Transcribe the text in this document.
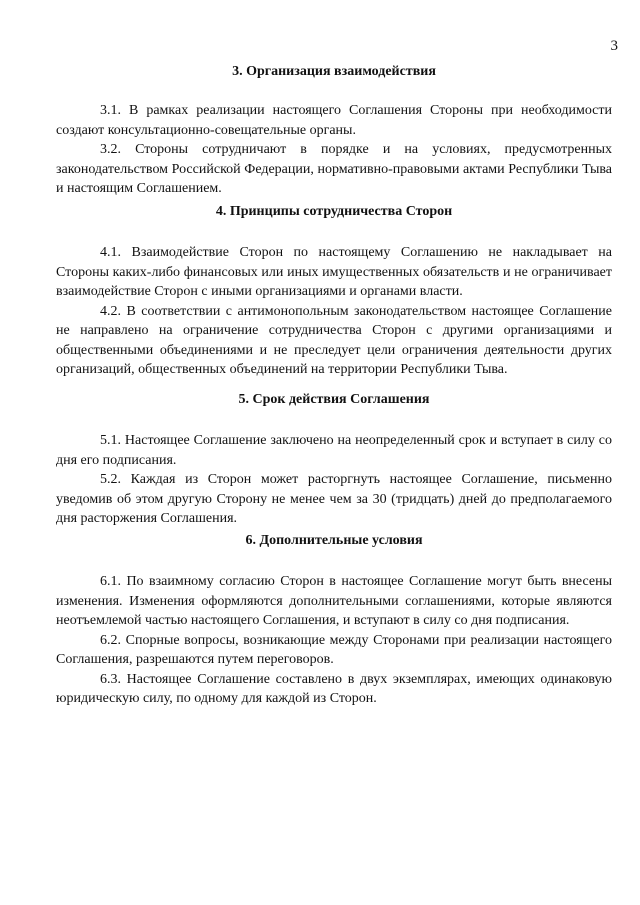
3
3. Организация взаимодействия

3.1. В рамках реализации настоящего Соглашения Стороны при необходимости создают консультационно-совещательные органы.

3.2. Стороны сотрудничают в порядке и на условиях, предусмотренных законодательством Российской Федерации, нормативно-правовыми актами Республики Тыва и настоящим Соглашением.

4. Принципы сотрудничества Сторон

4.1. Взаимодействие Сторон по настоящему Соглашению не накладывает на Стороны каких-либо финансовых или иных имущественных обязательств и не ограничивает взаимодействие Сторон с иными организациями и органами власти.

4.2. В соответствии с антимонопольным законодательством настоящее Соглашение не направлено на ограничение сотрудничества Сторон с другими организациями и общественными объединениями и не преследует цели ограничения деятельности других организаций, общественных объединений на территории Республики Тыва.

5. Срок действия Соглашения

5.1. Настоящее Соглашение заключено на неопределенный срок и вступает в силу со дня его подписания.

5.2. Каждая из Сторон может расторгнуть настоящее Соглашение, письменно уведомив об этом другую Сторону не менее чем за 30 (тридцать) дней до предполагаемого дня расторжения Соглашения.

6. Дополнительные условия

6.1. По взаимному согласию Сторон в настоящее Соглашение могут быть внесены изменения. Изменения оформляются дополнительными соглашениями, которые являются неотъемлемой частью настоящего Соглашения, и вступают в силу со дня подписания.

6.2. Спорные вопросы, возникающие между Сторонами при реализации настоящего Соглашения, разрешаются путем переговоров.

6.3. Настоящее Соглашение составлено в двух экземплярах, имеющих одинаковую юридическую силу, по одному для каждой из Сторон.
